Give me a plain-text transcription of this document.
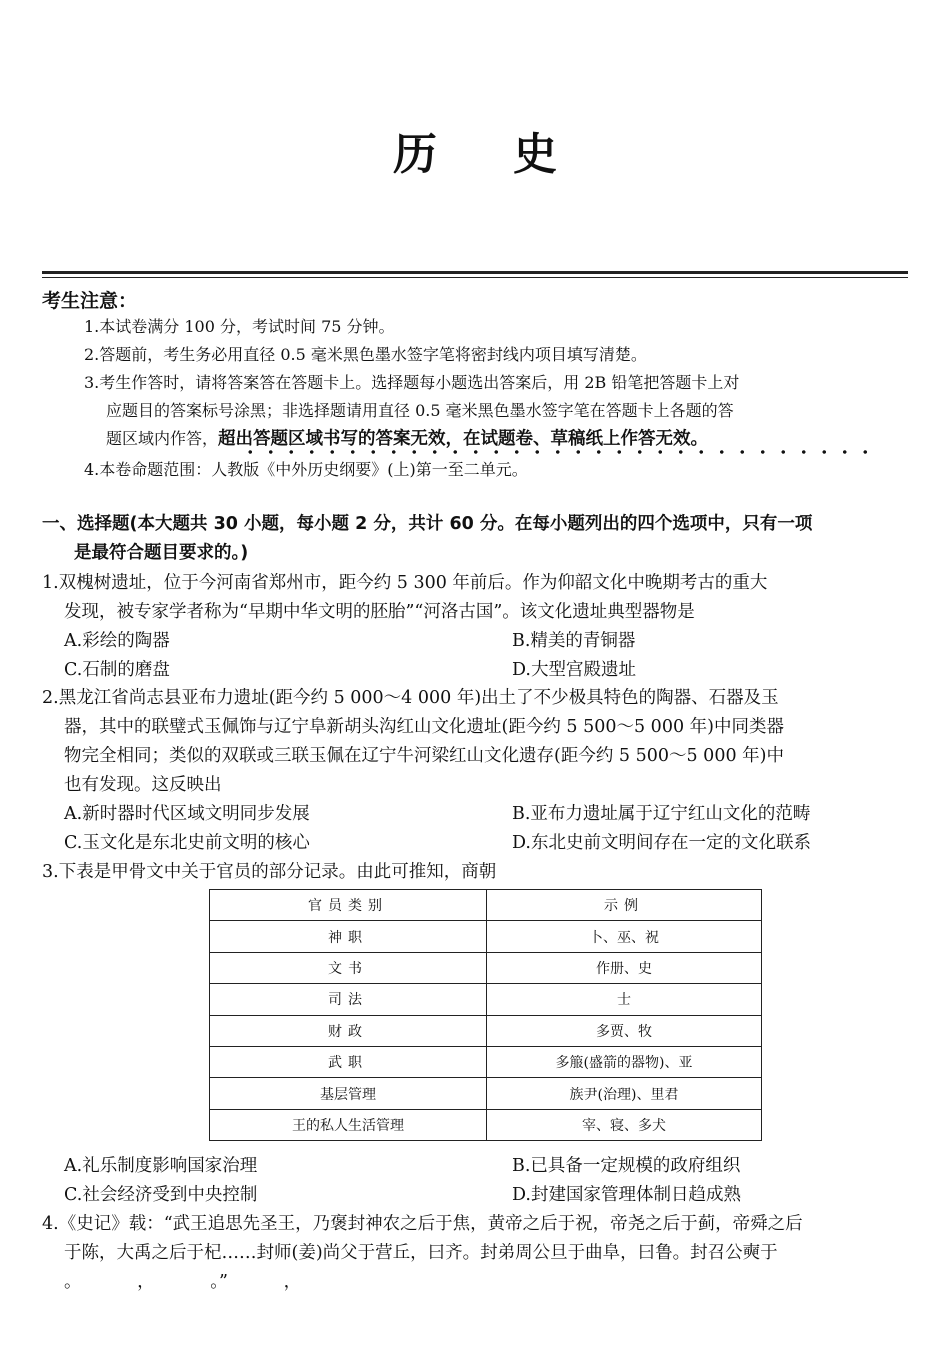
历 史
考生注意：
1.本试卷满分 100 分，考试时间 75 分钟。
2.答题前，考生务必用直径 0.5 毫米黑色墨水签字笔将密封线内项目填写清楚。
3.考生作答时，请将答案答在答题卡上。选择题每小题选出答案后，用 2B 铅笔把答题卡上对
应题目的答案标号涂黑；非选择题请用直径 0.5 毫米黑色墨水签字笔在答题卡上各题的答
题区域内作答，超出答题区域书写的答案无效，在试题卷、草稿纸上作答无效。
4.本卷命题范围：人教版《中外历史纲要》(上)第一至二单元。
一、选择题(本大题共 30 小题，每小题 2 分，共计 60 分。在每小题列出的四个选项中，只有一项
是最符合题目要求的。)
1.双槐树遗址，位于今河南省郑州市，距今约 5 300 年前后。作为仰韶文化中晚期考古的重大
发现，被专家学者称为“早期中华文明的胚胎”“河洛古国”。该文化遗址典型器物是
A.彩绘的陶器	B.精美的青铜器
C.石制的磨盘	D.大型宫殿遗址
2.黑龙江省尚志县亚布力遗址(距今约 5 000～4 000 年)出土了不少极具特色的陶器、石器及玉
器，其中的联璧式玉佩饰与辽宁阜新胡头沟红山文化遗址(距今约 5 500～5 000 年)中同类器
物完全相同；类似的双联或三联玉佩在辽宁牛河梁红山文化遗存(距今约 5 500～5 000 年)中
也有发现。这反映出
A.新时器时代区域文明同步发展	B.亚布力遗址属于辽宁红山文化的范畴
C.玉文化是东北史前文明的核心	D.东北史前文明间存在一定的文化联系
3.下表是甲骨文中关于官员的部分记录。由此可推知，商朝
官员类别	示例
神职	卜、巫、祝
文书	作册、史
司法	士
财政	多贾、牧
武职	多箙(盛箭的器物)、亚
基层管理	族尹(治理)、里君
王的私人生活管理	宰、寝、多犬
A.礼乐制度影响国家治理	B.已具备一定规模的政府组织
C.社会经济受到中央控制	D.封建国家管理体制日趋成熟
4.《史记》载：“武王追思先圣王，乃褒封神农之后于焦，黄帝之后于祝，帝尧之后于蓟，帝舜之后
于陈，大禹之后于杞……封师(姜)尚父于营丘，曰齐。封弟周公旦于曲阜，曰鲁。封召公奭于
。          ，          。”          ，
